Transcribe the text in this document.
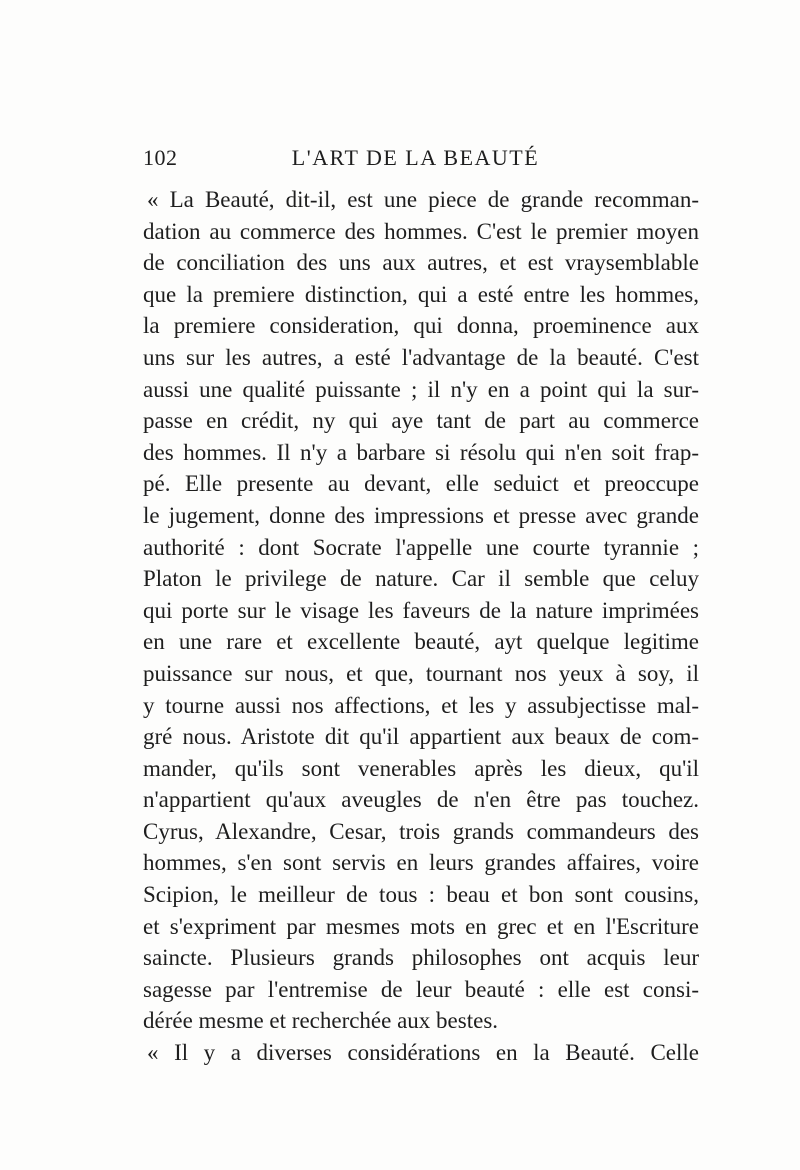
102	L'ART DE LA BEAUTÉ
« La Beauté, dit-il, est une piece de grande recomman-
dation au commerce des hommes. C'est le premier moyen
de conciliation des uns aux autres, et est vraysemblable
que la premiere distinction, qui a esté entre les hommes,
la premiere consideration, qui donna, proeminence aux
uns sur les autres, a esté l'advantage de la beauté. C'est
aussi une qualité puissante ; il n'y en a point qui la sur-
passe en crédit, ny qui aye tant de part au commerce
des hommes. Il n'y a barbare si résolu qui n'en soit frap-
pé. Elle presente au devant, elle seduict et preoccupe
le jugement, donne des impressions et presse avec grande
authorité : dont Socrate l'appelle une courte tyrannie ;
Platon le privilege de nature. Car il semble que celuy
qui porte sur le visage les faveurs de la nature imprimées
en une rare et excellente beauté, ayt quelque legitime
puissance sur nous, et que, tournant nos yeux à soy, il
y tourne aussi nos affections, et les y assubjectisse mal-
gré nous. Aristote dit qu'il appartient aux beaux de com-
mander, qu'ils sont venerables après les dieux, qu'il
n'appartient qu'aux aveugles de n'en être pas touchez.
Cyrus, Alexandre, Cesar, trois grands commandeurs des
hommes, s'en sont servis en leurs grandes affaires, voire
Scipion, le meilleur de tous : beau et bon sont cousins,
et s'expriment par mesmes mots en grec et en l'Escriture
saincte. Plusieurs grands philosophes ont acquis leur
sagesse par l'entremise de leur beauté : elle est consi-
dérée mesme et recherchée aux bestes.
« Il y a diverses considérations en la Beauté. Celle
